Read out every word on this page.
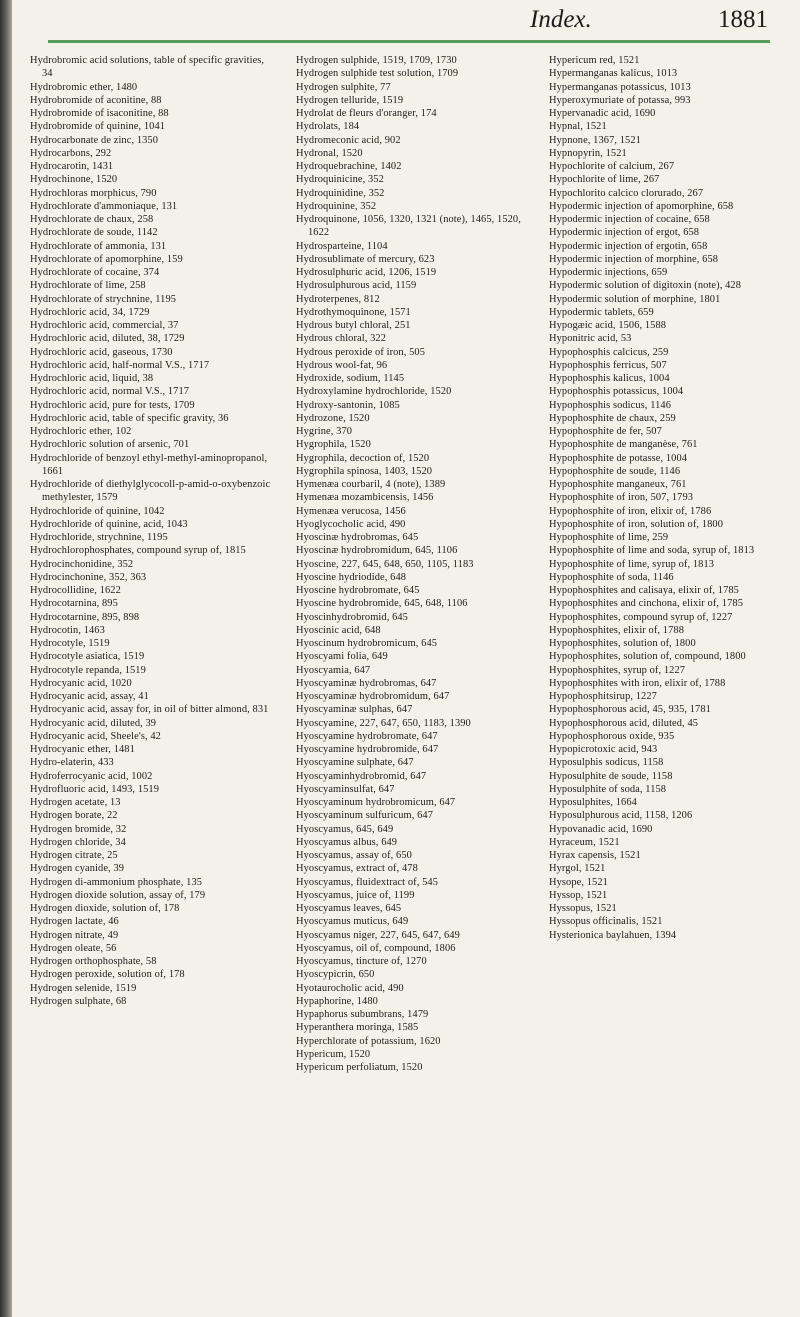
Index.	1881
Hydrobromic acid solutions, table of specific gravities, 34
Hydrobromic ether, 1480
Hydrobromide of aconitine, 88
Hydrobromide of isaconitine, 88
Hydrobromide of quinine, 1041
Hydrocarbonate de zinc, 1350
Hydrocarbons, 292
Hydrocarotin, 1431
Hydrochinone, 1520
Hydrochloras morphicus, 790
Hydrochlorate d'ammoniaque, 131
Hydrochlorate de chaux, 258
Hydrochlorate de soude, 1142
Hydrochlorate of ammonia, 131
Hydrochlorate of apomorphine, 159
Hydrochlorate of cocaine, 374
Hydrochlorate of lime, 258
Hydrochlorate of strychnine, 1195
Hydrochloric acid, 34, 1729
Hydrochloric acid, commercial, 37
Hydrochloric acid, diluted, 38, 1729
Hydrochloric acid, gaseous, 1730
Hydrochloric acid, half-normal V.S., 1717
Hydrochloric acid, liquid, 38
Hydrochloric acid, normal V.S., 1717
Hydrochloric acid, pure for tests, 1709
Hydrochloric acid, table of specific gravity, 36
Hydrochloric ether, 102
Hydrochloric solution of arsenic, 701
Hydrochloride of benzoyl ethyl-methyl-aminopropanol, 1661
Hydrochloride of diethylglycocoll-p-amid-o-oxybenzoic methylester, 1579
Hydrochloride of quinine, 1042
Hydrochloride of quinine, acid, 1043
Hydrochloride, strychnine, 1195
Hydrochlorophosphates, compound syrup of, 1815
Hydrocinchonidine, 352
Hydrocinchonine, 352, 363
Hydrocollidine, 1622
Hydrocotarnina, 895
Hydrocotarnine, 895, 898
Hydrocotin, 1463
Hydrocotyle, 1519
Hydrocotyle asiatica, 1519
Hydrocotyle repanda, 1519
Hydrocyanic acid, 1020
Hydrocyanic acid, assay, 41
Hydrocyanic acid, assay for, in oil of bitter almond, 831
Hydrocyanic acid, diluted, 39
Hydrocyanic acid, Sheele's, 42
Hydrocyanic ether, 1481
Hydro-elaterin, 433
Hydroferrocyanic acid, 1002
Hydrofluoric acid, 1493, 1519
Hydrogen acetate, 13
Hydrogen borate, 22
Hydrogen bromide, 32
Hydrogen chloride, 34
Hydrogen citrate, 25
Hydrogen cyanide, 39
Hydrogen di-ammonium phosphate, 135
Hydrogen dioxide solution, assay of, 179
Hydrogen dioxide, solution of, 178
Hydrogen lactate, 46
Hydrogen nitrate, 49
Hydrogen oleate, 56
Hydrogen orthophosphate, 58
Hydrogen peroxide, solution of, 178
Hydrogen selenide, 1519
Hydrogen sulphate, 68
Hydrogen sulphide, 1519, 1709, 1730
Hydrogen sulphide test solution, 1709
Hydrogen sulphite, 77
Hydrogen telluride, 1519
Hydrolat de fleurs d'oranger, 174
Hydrolats, 184
Hydromeconic acid, 902
Hydronal, 1520
Hydroquebrachine, 1402
Hydroquinicine, 352
Hydroquinidine, 352
Hydroquinine, 352
Hydroquinone, 1056, 1320, 1321 (note), 1465, 1520, 1622
Hydrosparteine, 1104
Hydrosublimate of mercury, 623
Hydrosulphuric acid, 1206, 1519
Hydrosulphurous acid, 1159
Hydroterpenes, 812
Hydrothymoquinone, 1571
Hydrous butyl chloral, 251
Hydrous chloral, 322
Hydrous peroxide of iron, 505
Hydrous wool-fat, 96
Hydroxide, sodium, 1145
Hydroxylamine hydrochloride, 1520
Hydroxy-santonin, 1085
Hydrozone, 1520
Hygrine, 370
Hygrophila, 1520
Hygrophila, decoction of, 1520
Hygrophila spinosa, 1403, 1520
Hymenæa courbaril, 4 (note), 1389
Hymenæa mozambicensis, 1456
Hymenæa verucosa, 1456
Hyoglycocholic acid, 490
Hyoscinæ hydrobromas, 645
Hyoscinæ hydrobromidum, 645, 1106
Hyoscine, 227, 645, 648, 650, 1105, 1183
Hyoscine hydriodide, 648
Hyoscine hydrobromate, 645
Hyoscine hydrobromide, 645, 648, 1106
Hyoscinhydrobromid, 645
Hyoscinic acid, 648
Hyoscinum hydrobromicum, 645
Hyoscyami folia, 649
Hyoscyamia, 647
Hyoscyaminæ hydrobromas, 647
Hyoscyaminæ hydrobromidum, 647
Hyoscyaminæ sulphas, 647
Hyoscyamine, 227, 647, 650, 1183, 1390
Hyoscyamine hydrobromate, 647
Hyoscyamine hydrobromide, 647
Hyoscyamine sulphate, 647
Hyoscyaminhydrobromid, 647
Hyoscyaminsulfat, 647
Hyoscyaminum hydrobromicum, 647
Hyoscyaminum sulfuricum, 647
Hyoscyamus, 645, 649
Hyoscyamus albus, 649
Hyoscyamus, assay of, 650
Hyoscyamus, extract of, 478
Hyoscyamus, fluidextract of, 545
Hyoscyamus, juice of, 1199
Hyoscyamus leaves, 645
Hyoscyamus muticus, 649
Hyoscyamus niger, 227, 645, 647, 649
Hyoscyamus, oil of, compound, 1806
Hyoscyamus, tincture of, 1270
Hyoscypicrin, 650
Hyotaurocholic acid, 490
Hypaphorine, 1480
Hypaphorus subumbrans, 1479
Hyperanthera moringa, 1585
Hyperchlorate of potassium, 1620
Hypericum, 1520
Hypericum perfoliatum, 1520
Hypericum red, 1521
Hypermanganas kalicus, 1013
Hypermanganas potassicus, 1013
Hyperoxymuriate of potassa, 993
Hypervanadic acid, 1690
Hypnal, 1521
Hypnone, 1367, 1521
Hypnopyrin, 1521
Hypochlorite of calcium, 267
Hypochlorite of lime, 267
Hypochlorito calcico clorurado, 267
Hypodermic injection of apomorphine, 658
Hypodermic injection of cocaine, 658
Hypodermic injection of ergot, 658
Hypodermic injection of ergotin, 658
Hypodermic injection of morphine, 658
Hypodermic injections, 659
Hypodermic solution of digitoxin (note), 428
Hypodermic solution of morphine, 1801
Hypodermic tablets, 659
Hypogæic acid, 1506, 1588
Hyponitric acid, 53
Hypophosphis calcicus, 259
Hypophosphis ferricus, 507
Hypophosphis kalicus, 1004
Hypophosphis potassicus, 1004
Hypophosphis sodicus, 1146
Hypophosphite de chaux, 259
Hypophosphite de fer, 507
Hypophosphite de manganèse, 761
Hypophosphite de potasse, 1004
Hypophosphite de soude, 1146
Hypophosphite manganeux, 761
Hypophosphite of iron, 507, 1793
Hypophosphite of iron, elixir of, 1786
Hypophosphite of iron, solution of, 1800
Hypophosphite of lime, 259
Hypophosphite of lime and soda, syrup of, 1813
Hypophosphite of lime, syrup of, 1813
Hypophosphite of soda, 1146
Hypophosphites and calisaya, elixir of, 1785
Hypophosphites and cinchona, elixir of, 1785
Hypophosphites, compound syrup of, 1227
Hypophosphites, elixir of, 1788
Hypophosphites, solution of, 1800
Hypophosphites, solution of, compound, 1800
Hypophosphites, syrup of, 1227
Hypophosphites with iron, elixir of, 1788
Hypophosphitsirup, 1227
Hypophosphorous acid, 45, 935, 1781
Hypophosphorous acid, diluted, 45
Hypophosphorous oxide, 935
Hypopicrotoxic acid, 943
Hyposulphis sodicus, 1158
Hyposulphite de soude, 1158
Hyposulphite of soda, 1158
Hyposulphites, 1664
Hyposulphurous acid, 1158, 1206
Hypovanadic acid, 1690
Hyraceum, 1521
Hyrax capensis, 1521
Hyrgol, 1521
Hysope, 1521
Hyssop, 1521
Hyssopus, 1521
Hyssopus officinalis, 1521
Hysterionica baylahuen, 1394
